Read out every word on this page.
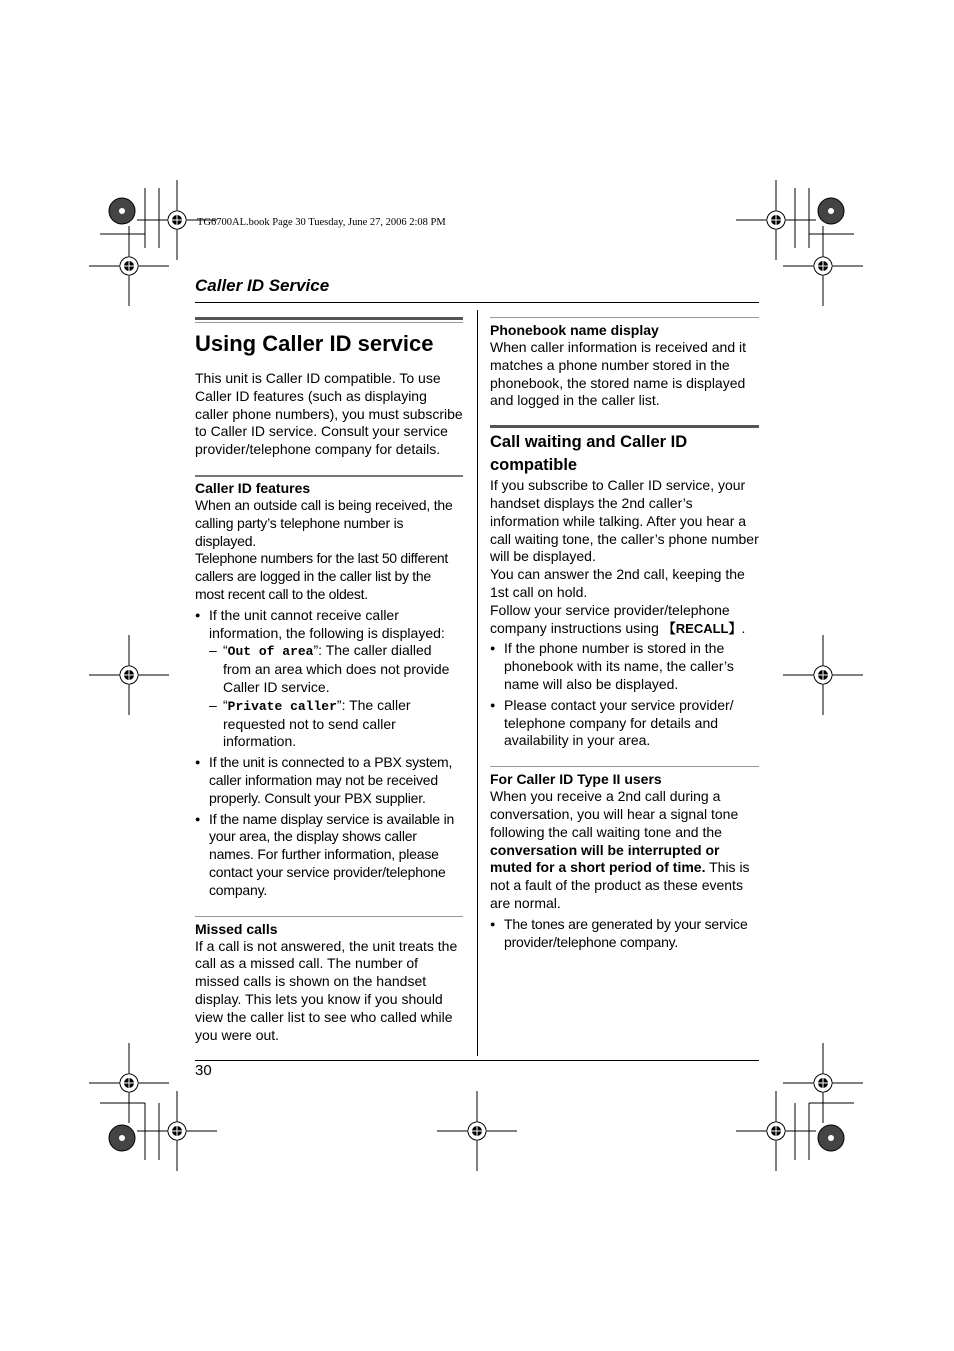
TG6700AL.book Page 30 Tuesday, June 27, 2006 2:08 PM
Caller ID Service
Using Caller ID service

This unit is Caller ID compatible. To use Caller ID features (such as displaying caller phone numbers), you must subscribe to Caller ID service. Consult your service provider/telephone company for details.

Caller ID features

When an outside call is being received, the calling party’s telephone number is displayed.

Telephone numbers for the last 50 different callers are logged in the caller list by the most recent call to the oldest.

● If the unit cannot receive caller information, the following is displayed:
– “Out of area”: The caller dialled from an area which does not provide Caller ID service.
– “Private caller”: The caller requested not to send caller information.
● If the unit is connected to a PBX system, caller information may not be received properly. Consult your PBX supplier.
● If the name display service is available in your area, the display shows caller names. For further information, please contact your service provider/telephone company.
Missed calls

If a call is not answered, the unit treats the call as a missed call. The number of missed calls is shown on the handset display. This lets you know if you should view the caller list to see who called while you were out.

Phonebook name display

When caller information is received and it matches a phone number stored in the phonebook, the stored name is displayed and logged in the caller list.

Call waiting and Caller ID compatible

If you subscribe to Caller ID service, your handset displays the 2nd caller’s information while talking. After you hear a call waiting tone, the caller’s phone number will be displayed.

You can answer the 2nd call, keeping the 1st call on hold.

Follow your service provider/telephone company instructions using 【RECALL】.

● If the phone number is stored in the phonebook with its name, the caller’s name will also be displayed.
● Please contact your service provider/ telephone company for details and availability in your area.
For Caller ID Type II users

When you receive a 2nd call during a conversation, you will hear a signal tone following the call waiting tone and the conversation will be interrupted or muted for a short period of time. This is not a fault of the product as these events are normal.

● The tones are generated by your service provider/telephone company.
30
